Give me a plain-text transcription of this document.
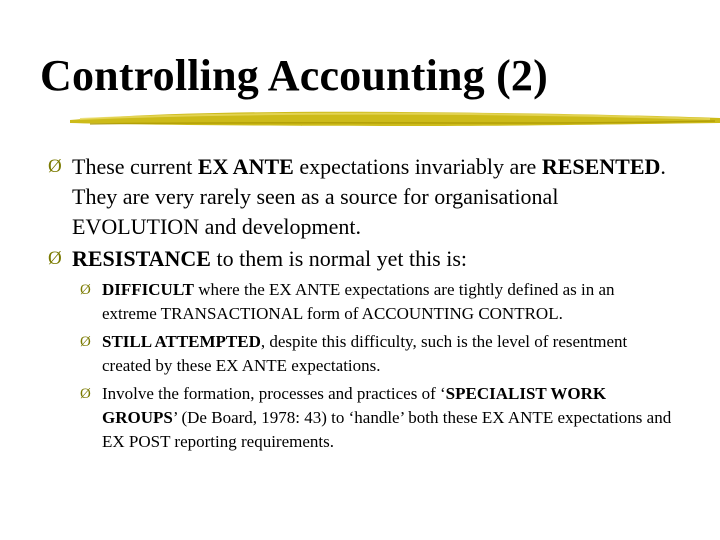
Controlling Accounting (2)
Ø These current EX ANTE expectations invariably are RESENTED. They are very rarely seen as a source for organisational EVOLUTION and development.
Ø RESISTANCE to them is normal yet this is:
Ø DIFFICULT where the EX ANTE expectations are tightly defined as in an extreme TRANSACTIONAL form of ACCOUNTING CONTROL.
Ø STILL ATTEMPTED, despite this difficulty, such is the level of resentment created by these EX ANTE expectations.
Ø Involve the formation, processes and practices of ‘SPECIALIST WORK GROUPS’ (De Board, 1978: 43) to ‘handle’ both these EX ANTE expectations and EX POST reporting requirements.
